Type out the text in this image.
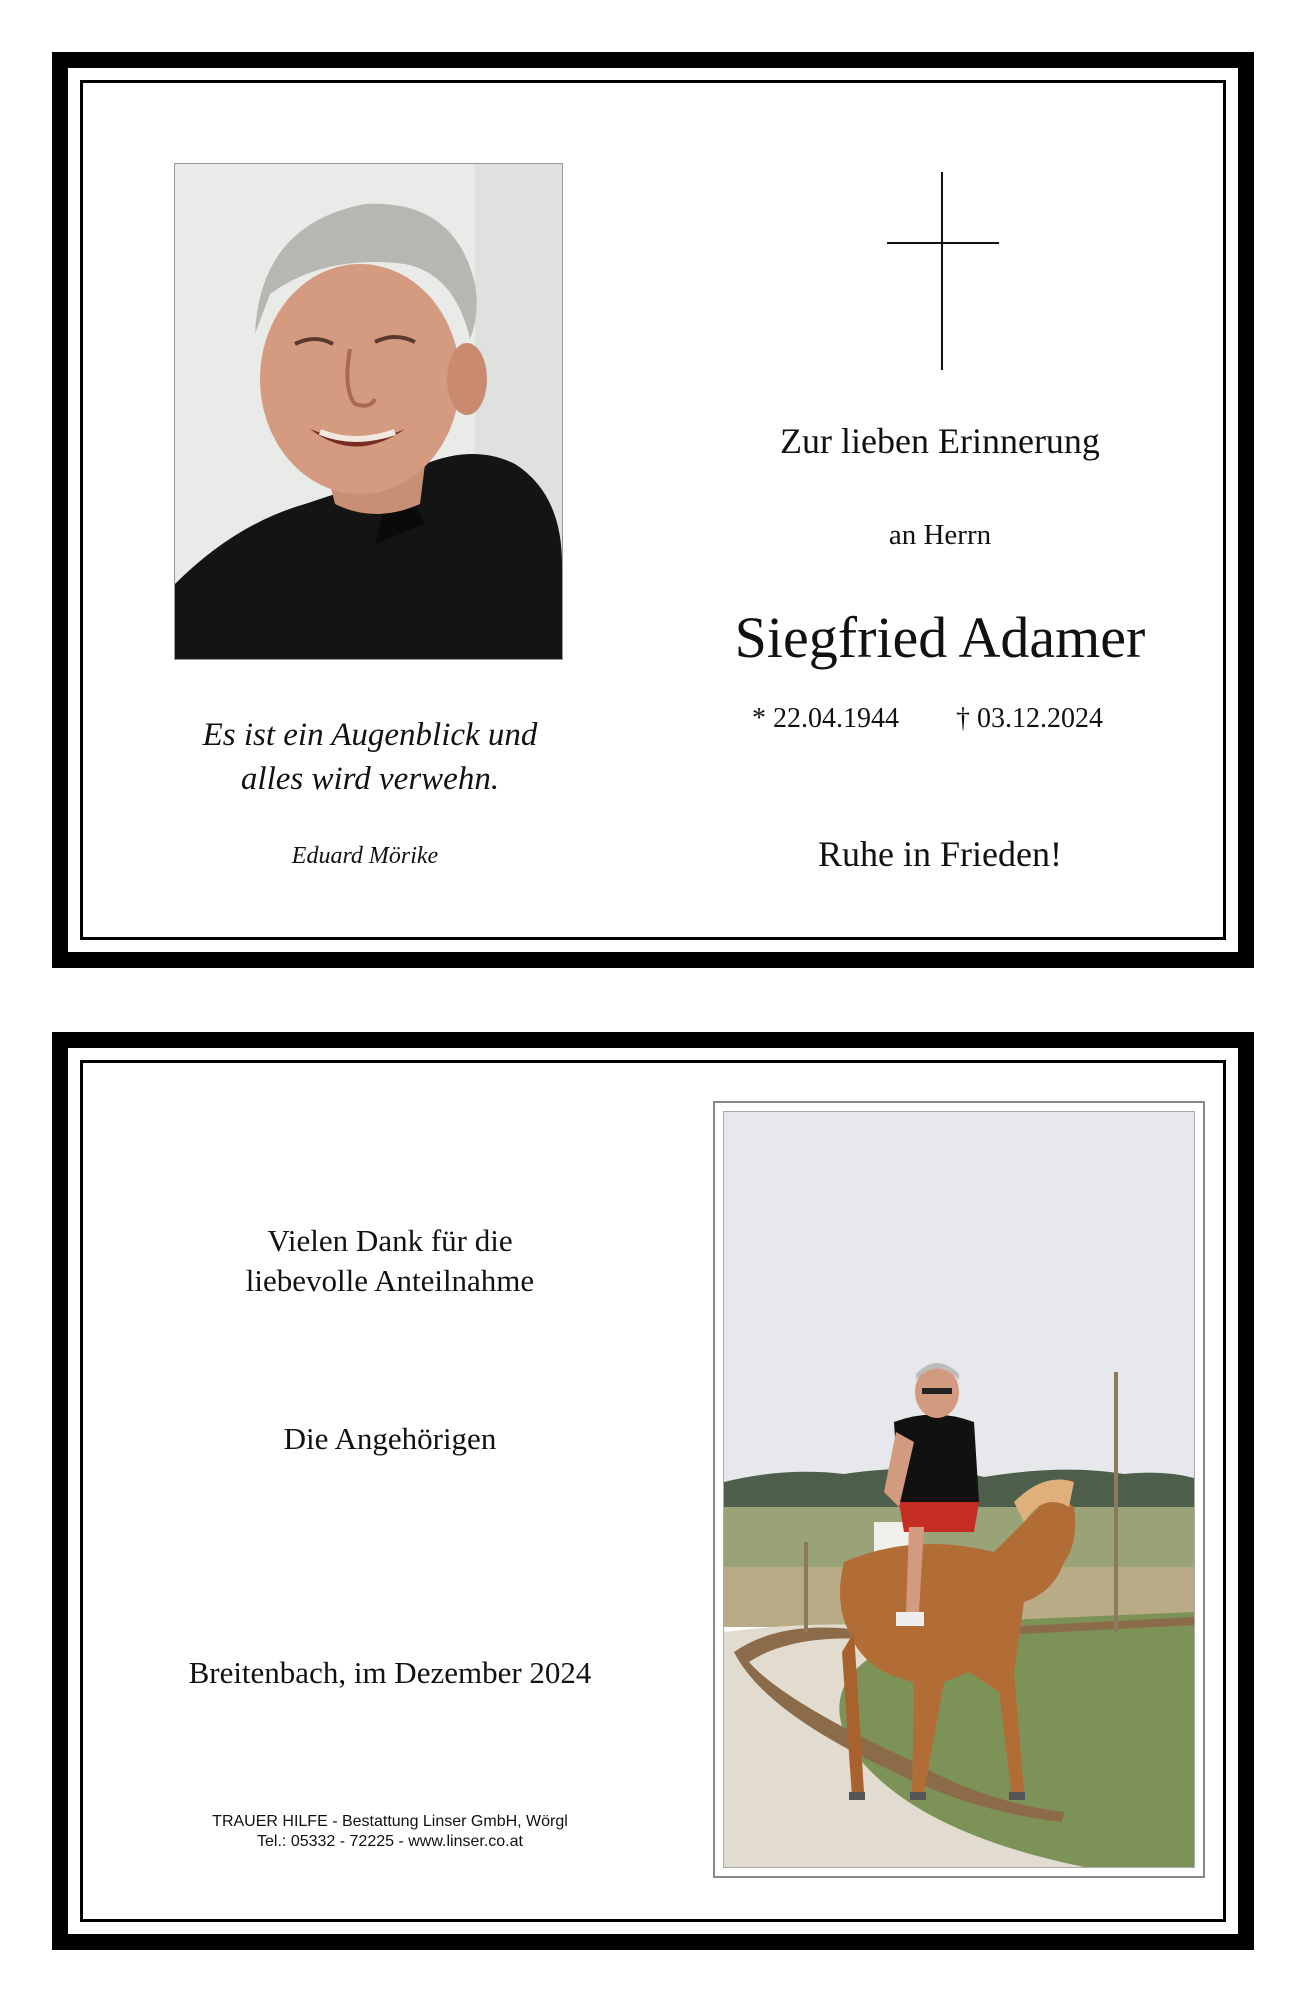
Zur lieben Erinnerung
an Herrn
Siegfried Adamer
* 22.04.1944 † 03.12.2024
Ruhe in Frieden!
Es ist ein Augenblick und
alles wird verwehn.
Eduard Mörike
Vielen Dank für die
liebevolle Anteilnahme
Die Angehörigen
Breitenbach, im Dezember 2024
TRAUER HILFE - Bestattung Linser GmbH, Wörgl
Tel.: 05332 - 72225 - www.linser.co.at
